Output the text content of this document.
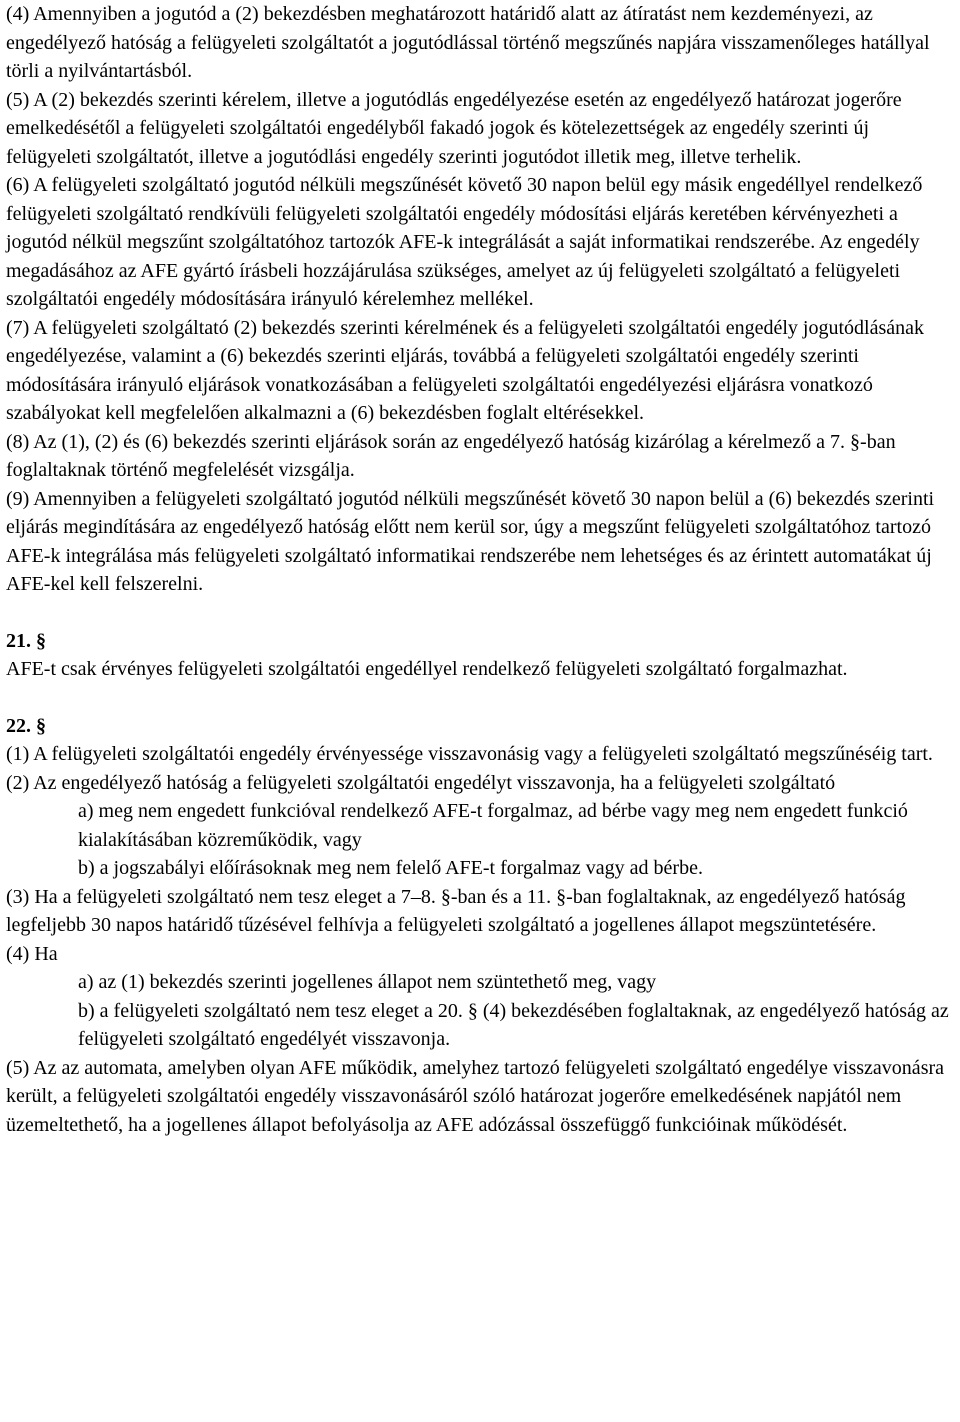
(4) Amennyiben a jogutód a (2) bekezdésben meghatározott határidő alatt az átíratást nem kezdeményezi, az engedélyező hatóság a felügyeleti szolgáltatót a jogutódlással történő megszűnés napjára visszamenőleges hatállyal törli a nyilvántartásból.

(5) A (2) bekezdés szerinti kérelem, illetve a jogutódlás engedélyezése esetén az engedélyező határozat jogerőre emelkedésétől a felügyeleti szolgáltatói engedélyből fakadó jogok és kötelezettségek az engedély szerinti új felügyeleti szolgáltatót, illetve a jogutódlási engedély szerinti jogutódot illetik meg, illetve terhelik.

(6) A felügyeleti szolgáltató jogutód nélküli megszűnését követő 30 napon belül egy másik engedéllyel rendelkező felügyeleti szolgáltató rendkívüli felügyeleti szolgáltatói engedély módosítási eljárás keretében kérvényezheti a jogutód nélkül megszűnt szolgáltatóhoz tartozók AFE-k integrálását a saját informatikai rendszerébe. Az engedély megadásához az AFE gyártó írásbeli hozzájárulása szükséges, amelyet az új felügyeleti szolgáltató a felügyeleti szolgáltatói engedély módosítására irányuló kérelemhez mellékel.

(7) A felügyeleti szolgáltató (2) bekezdés szerinti kérelmének és a felügyeleti szolgáltatói engedély jogutódlásának engedélyezése, valamint a (6) bekezdés szerinti eljárás, továbbá a felügyeleti szolgáltatói engedély szerinti módosítására irányuló eljárások vonatkozásában a felügyeleti szolgáltatói engedélyezési eljárásra vonatkozó szabályokat kell megfelelően alkalmazni a (6) bekezdésben foglalt eltérésekkel.

(8) Az (1), (2) és (6) bekezdés szerinti eljárások során az engedélyező hatóság kizárólag a kérelmező a 7. §-ban foglaltaknak történő megfelelését vizsgálja.

(9) Amennyiben a felügyeleti szolgáltató jogutód nélküli megszűnését követő 30 napon belül a (6) bekezdés szerinti eljárás megindítására az engedélyező hatóság előtt nem kerül sor, úgy a megszűnt felügyeleti szolgáltatóhoz tartozó AFE-k integrálása más felügyeleti szolgáltató informatikai rendszerébe nem lehetséges és az érintett automatákat új AFE-kel kell felszerelni.

21. §

AFE-t csak érvényes felügyeleti szolgáltatói engedéllyel rendelkező felügyeleti szolgáltató forgalmazhat.

22. §

(1) A felügyeleti szolgáltatói engedély érvényessége visszavonásig vagy a felügyeleti szolgáltató megszűnéséig tart.

(2) Az engedélyező hatóság a felügyeleti szolgáltatói engedélyt visszavonja, ha a felügyeleti szolgáltató

a) meg nem engedett funkcióval rendelkező AFE-t forgalmaz, ad bérbe vagy meg nem engedett funkció kialakításában közreműködik, vagy

b) a jogszabályi előírásoknak meg nem felelő AFE-t forgalmaz vagy ad bérbe.

(3) Ha a felügyeleti szolgáltató nem tesz eleget a 7–8. §-ban és a 11. §-ban foglaltaknak, az engedélyező hatóság legfeljebb 30 napos határidő tűzésével felhívja a felügyeleti szolgáltató a jogellenes állapot megszüntetésére.

(4) Ha

a) az (1) bekezdés szerinti jogellenes állapot nem szüntethető meg, vagy

b) a felügyeleti szolgáltató nem tesz eleget a 20. § (4) bekezdésében foglaltaknak, az engedélyező hatóság az felügyeleti szolgáltató engedélyét visszavonja.

(5) Az az automata, amelyben olyan AFE működik, amelyhez tartozó felügyeleti szolgáltató engedélye visszavonásra került, a felügyeleti szolgáltatói engedély visszavonásáról szóló határozat jogerőre emelkedésének napjától nem üzemeltethető, ha a jogellenes állapot befolyásolja az AFE adózással összefüggő funkcióinak működését.
